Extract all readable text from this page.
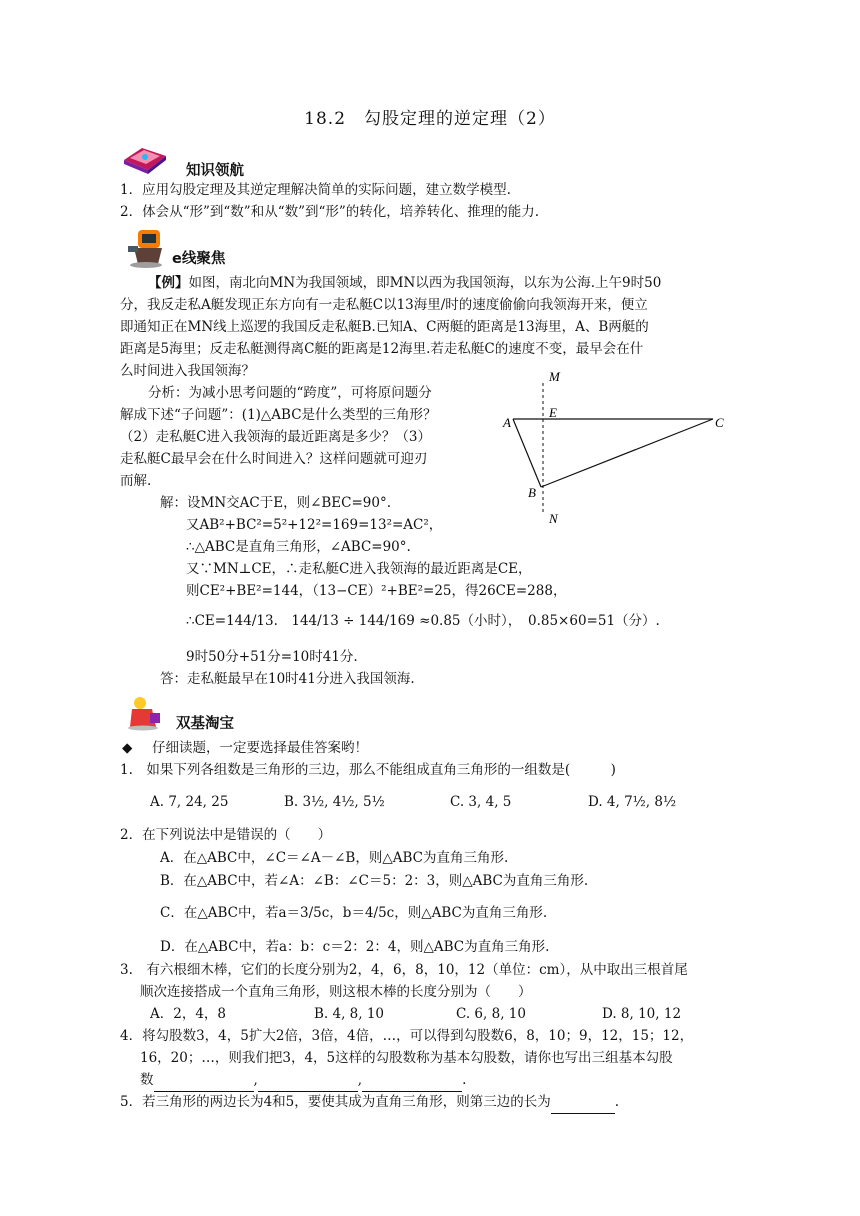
18.2　勾股定理的逆定理（2）
知识领航
1．应用勾股定理及其逆定理解决简单的实际问题，建立数学模型.
2．体会从“形”到“数”和从“数”到“形”的转化，培养转化、推理的能力.
e线聚焦
【例】如图，南北向MN为我国领域，即MN以西为我国领海，以东为公海.上午9时50
分，我反走私A艇发现正东方向有一走私艇C以13海里/时的速度偷偷向我领海开来，便立
即通知正在MN线上巡逻的我国反走私艇B.已知A、C两艇的距离是13海里，A、B两艇的
距离是5海里；反走私艇测得离C艇的距离是12海里.若走私艇C的速度不变，最早会在什
么时间进入我国领海？
分析：为减小思考问题的“跨度”，可将原问题分
解成下述“子问题”：(1)△ABC是什么类型的三角形？
（2）走私艇C进入我领海的最近距离是多少？（3）
走私艇C最早会在什么时间进入？这样问题就可迎刃
而解.
M
E
A	C
B
N
解：设MN交AC于E，则∠BEC=90°.
又AB²+BC²=5²+12²=169=13²=AC²，
∴△ABC是直角三角形，∠ABC=90°.
又∵MN⊥CE，∴走私艇C进入我领海的最近距离是CE，
则CE²+BE²=144，（13−CE）²+BE²=25，得26CE=288，
∴CE=144/13.　144/13 ÷ 144/169 ≈0.85（小时），　0.85×60=51（分）.
9时50分+51分=10时41分.
答：走私艇最早在10时41分进入我国领海.
双基淘宝
◆ 仔细读题，一定要选择最佳答案哟！
1.　如果下列各组数是三角形的三边，那么不能组成直角三角形的一组数是(　　　)
A. 7, 24, 25	B. 3½, 4½, 5½	C. 3, 4, 5	D. 4, 7½, 8½
2．在下列说法中是错误的（　　）
A．在△ABC中，∠C＝∠A－∠B，则△ABC为直角三角形.
B．在△ABC中，若∠A：∠B：∠C＝5：2：3，则△ABC为直角三角形.
C．在△ABC中，若a＝3/5c，b＝4/5c，则△ABC为直角三角形.
D．在△ABC中，若a：b：c＝2：2：4，则△ABC为直角三角形.
3.　有六根细木棒，它们的长度分别为2，4，6，8，10，12（单位：cm），从中取出三根首尾
顺次连接搭成一个直角三角形，则这根木棒的长度分别为（　　）
A．2，4，8	B. 4, 8, 10	C. 6, 8, 10	D. 8, 10, 12
4．将勾股数3，4，5扩大2倍，3倍，4倍，…，可以得到勾股数6，8，10；9，12，15；12，
16，20；…，则我们把3，4，5这样的勾股数称为基本勾股数，请你也写出三组基本勾股
数	,	,	.
5．若三角形的两边长为4和5，要使其成为直角三角形，则第三边的长为	.
